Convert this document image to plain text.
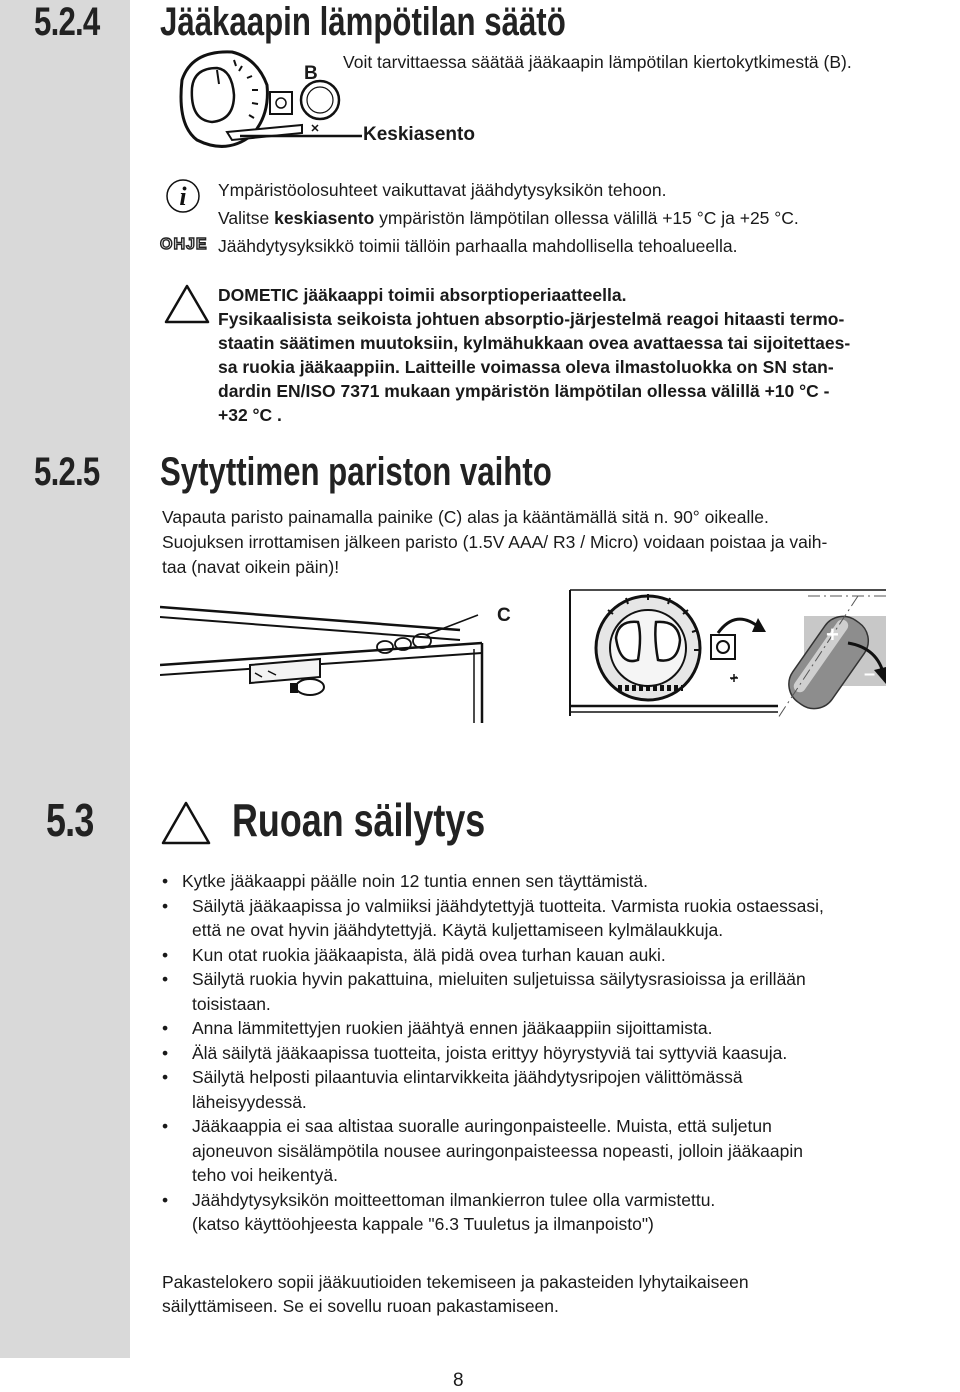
5.2.4 Jääkaapin lämpötilan säätö
B
Voit tarvittaessa säätää jääkaapin lämpötilan kiertokytkimestä (B).
Keskiasento
i
OHJE
Ympäristöolosuhteet vaikuttavat jäähdytysyksikön tehoon.
Valitse keskiasento ympäristön lämpötilan ollessa välillä +15 °C ja +25 °C.
Jäähdytysyksikkö toimii tällöin parhaalla mahdollisella tehoalueella.
DOMETIC jääkaappi toimii absorptioperiaatteella.
Fysikaalisista seikoista johtuen absorptio-järjestelmä reagoi hitaasti termo-
staatin säätimen muutoksiin, kylmähukkaan ovea avattaessa tai sijoitettaes-
sa ruokia jääkaappiin. Laitteille voimassa oleva ilmastoluokka on SN stan-
dardin EN/ISO 7371 mukaan ympäristön lämpötilan ollessa välillä +10 °C -
+32 °C .
5.2.5 Sytyttimen pariston vaihto
Vapauta paristo painamalla painike (C) alas ja kääntämällä sitä n. 90° oikealle.
Suojuksen irrottamisen jälkeen paristo (1.5V AAA/ R3 / Micro) voidaan poistaa ja vaih-
taa (navat oikein päin)!
C
+
–
5.3	Ruoan säilytys
• Kytke jääkaappi päälle noin 12 tuntia ennen sen täyttämistä.
• Säilytä jääkaapissa jo valmiiksi jäähdytettyjä tuotteita. Varmista ruokia ostaessasi,
että ne ovat hyvin jäähdytettyjä. Käytä kuljettamiseen kylmälaukkuja.
• Kun otat ruokia jääkaapista, älä pidä ovea turhan kauan auki.
• Säilytä ruokia hyvin pakattuina, mieluiten suljetuissa säilytysrasioissa ja erillään
toisistaan.
• Anna lämmitettyjen ruokien jäähtyä ennen jääkaappiin sijoittamista.
• Älä säilytä jääkaapissa tuotteita, joista erittyy höyrystyviä tai syttyviä kaasuja.
• Säilytä helposti pilaantuvia elintarvikkeita jäähdytysripojen välittömässä
läheisyydessä.
• Jääkaappia ei saa altistaa suoralle auringonpaisteelle. Muista, että suljetun
ajoneuvon sisälämpötila nousee auringonpaisteessa nopeasti, jolloin jääkaapin
teho voi heikentyä.
• Jäähdytysyksikön moitteettoman ilmankierron tulee olla varmistettu.
(katso käyttöohjeesta kappale "6.3 Tuuletus ja ilmanpoisto")
Pakastelokero sopii jääkuutioiden tekemiseen ja pakasteiden lyhytaikaiseen
säilyttämiseen. Se ei sovellu ruoan pakastamiseen.
8
